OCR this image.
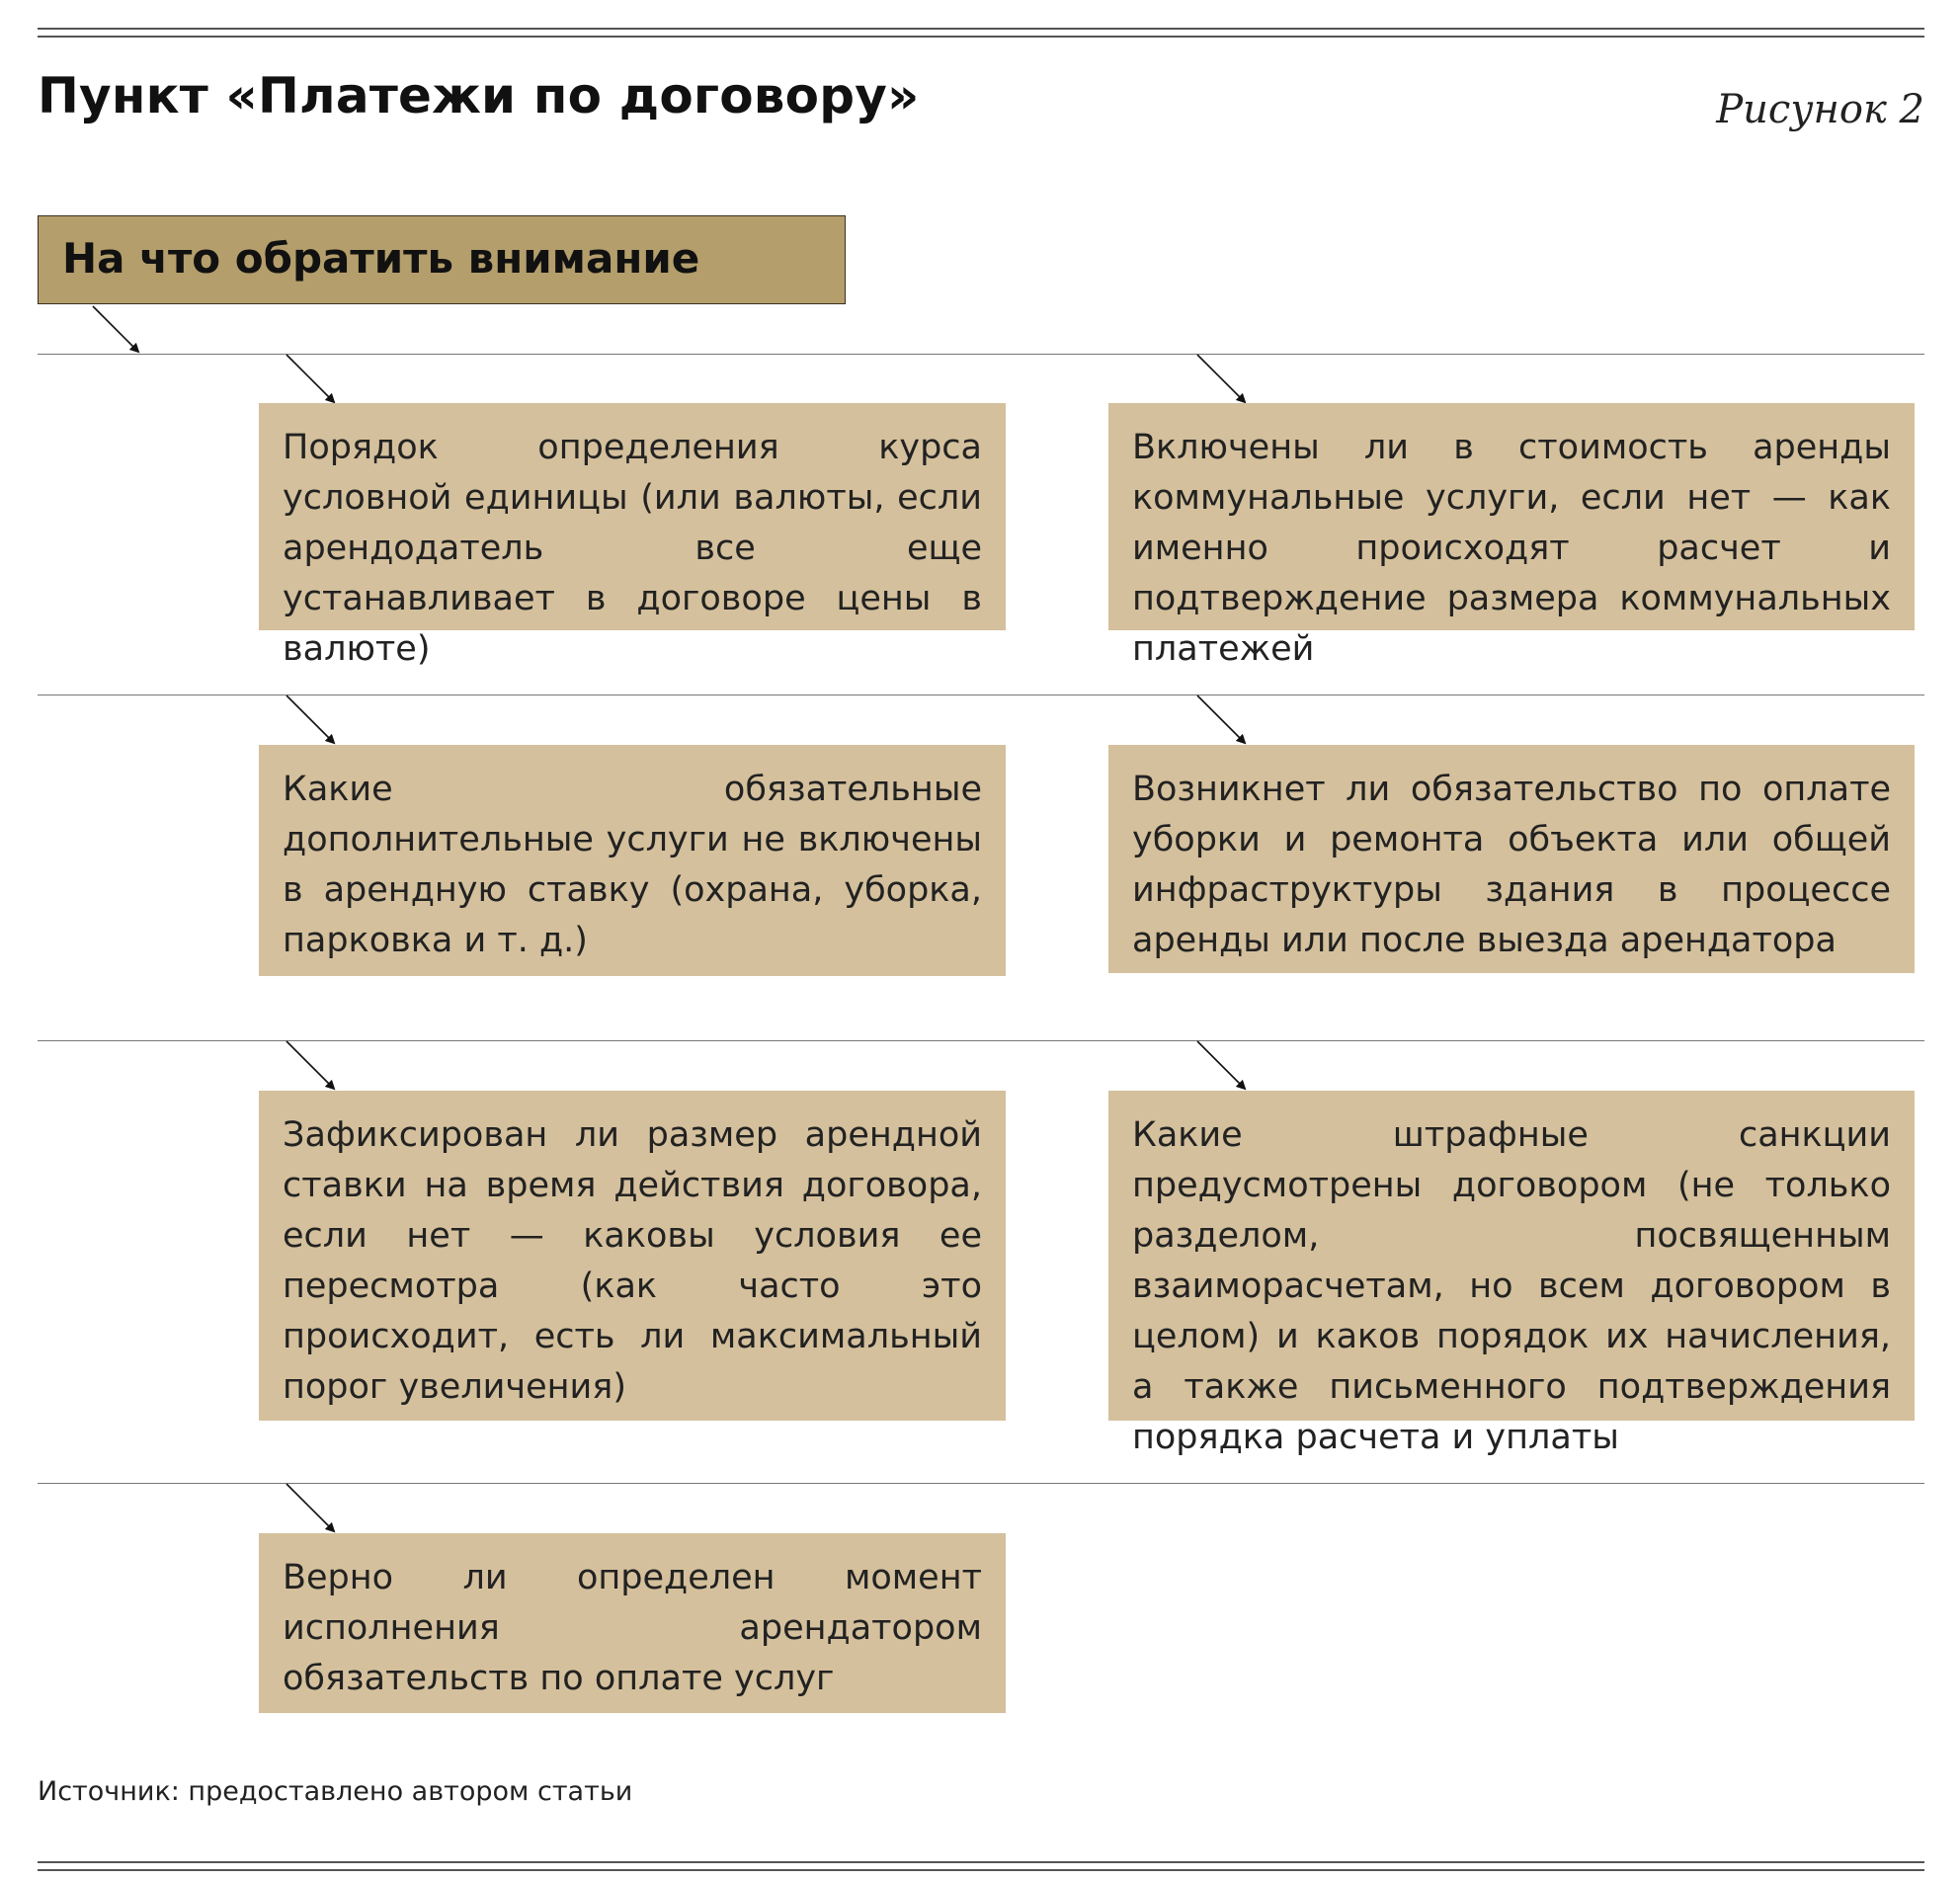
Пункт «Платежи по договору»	Рисунок 2
На что обратить внимание
Порядок определения курса условной единицы (или валюты, если арендодатель все еще устанавливает в договоре цены в валюте)
Включены ли в стоимость аренды коммунальные услуги, если нет — как именно происходят расчет и подтверждение размера коммунальных платежей
Какие обязательные дополнительные услуги не включены в арендную ставку (охрана, уборка, парковка и т. д.)
Возникнет ли обязательство по оплате уборки и ремонта объекта или общей инфраструктуры здания в процессе аренды или после выезда арендатора
Зафиксирован ли размер арендной ставки на время действия договора, если нет — каковы условия ее пересмотра (как часто это происходит, есть ли максимальный порог увеличения)
Какие штрафные санкции предусмотрены договором (не только разделом, посвященным взаиморасчетам, но всем договором в целом) и каков порядок их начисления, а также письменного подтверждения порядка расчета и уплаты
Верно ли определен момент исполнения арендатором обязательств по оплате услуг
Источник: предоставлено автором статьи
